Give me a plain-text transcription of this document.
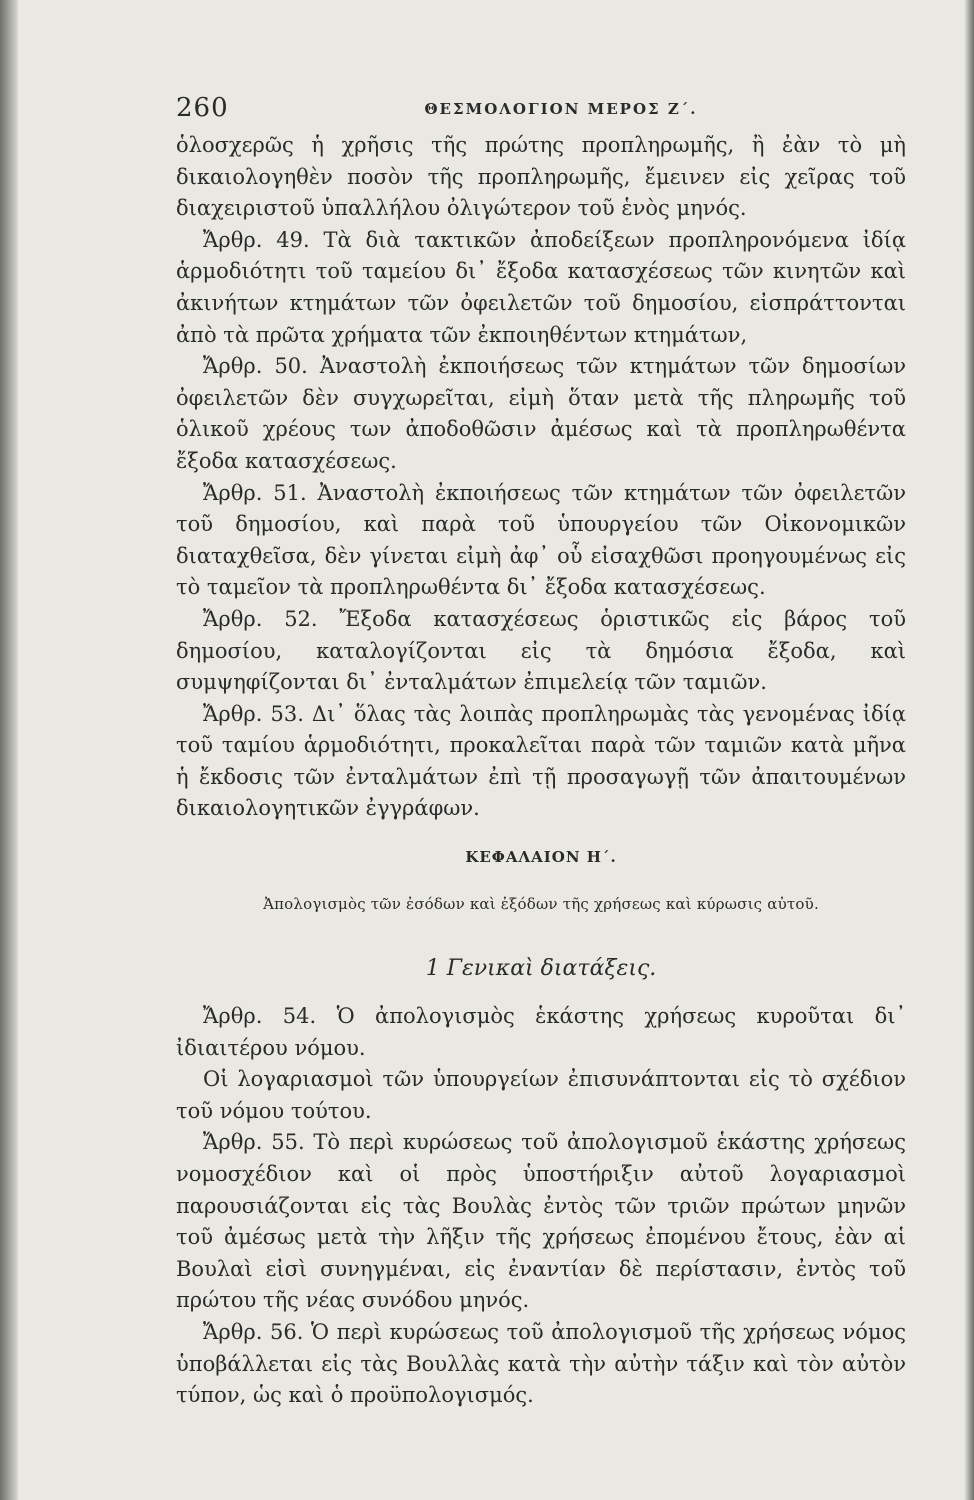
260	ΘΕΣΜΟΛΟΓΙΟΝ ΜΕΡΟΣ Ζ΄.

ὁλοσχερῶς ἡ χρῆσις τῆς πρώτης προπληρωμῆς, ἢ ἐὰν τὸ μὴ δικαιολογηθὲν ποσὸν τῆς προπληρωμῆς, ἔμεινεν εἰς χεῖρας τοῦ διαχειριστοῦ ὑπαλλήλου ὀλιγώτερον τοῦ ἑνὸς μηνός.

Ἄρθρ. 49. Τὰ διὰ τακτικῶν ἀποδείξεων προπληρονόμενα ἰδίᾳ ἁρμοδιότητι τοῦ ταμείου δι᾽ ἔξοδα κατασχέσεως τῶν κινητῶν καὶ ἀκινήτων κτημάτων τῶν ὀφειλετῶν τοῦ δημοσίου, εἰσπράττονται ἀπὸ τὰ πρῶτα χρήματα τῶν ἐκποιηθέντων κτημάτων,

Ἄρθρ. 50. Ἀναστολὴ ἐκποιήσεως τῶν κτημάτων τῶν δημοσίων ὀφειλετῶν δὲν συγχωρεῖται, εἰμὴ ὅταν μετὰ τῆς πληρωμῆς τοῦ ὁλικοῦ χρέους των ἀποδοθῶσιν ἀμέσως καὶ τὰ προπληρωθέντα ἔξοδα κατασχέσεως.

Ἄρθρ. 51. Ἀναστολὴ ἐκποιήσεως τῶν κτημάτων τῶν ὀφειλετῶν τοῦ δημοσίου, καὶ παρὰ τοῦ ὑπουργείου τῶν Οἰκονομικῶν διαταχθεῖσα, δὲν γίνεται εἰμὴ ἀφ᾽ οὗ εἰσαχθῶσι προηγουμένως εἰς τὸ ταμεῖον τὰ προπληρωθέντα δι᾽ ἔξοδα κατασχέσεως.

Ἄρθρ. 52. Ἔξοδα κατασχέσεως ὁριστικῶς εἰς βάρος τοῦ δημοσίου, καταλογίζονται εἰς τὰ δημόσια ἔξοδα, καὶ συμψηφίζονται δι᾽ ἐνταλμάτων ἐπιμελείᾳ τῶν ταμιῶν.

Ἄρθρ. 53. Δι᾽ ὅλας τὰς λοιπὰς προπληρωμὰς τὰς γενομένας ἰδίᾳ τοῦ ταμίου ἁρμοδιότητι, προκαλεῖται παρὰ τῶν ταμιῶν κατὰ μῆνα ἡ ἔκδοσις τῶν ἐνταλμάτων ἐπὶ τῇ προσαγωγῇ τῶν ἀπαιτουμένων δικαιολογητικῶν ἐγγράφων.

ΚΕΦΑΛΑΙΟΝ Η΄.
Ἀπολογισμὸς τῶν ἐσόδων καὶ ἐξόδων τῆς χρήσεως καὶ κύρωσις αὐτοῦ.
1 Γενικαὶ διατάξεις.

Ἄρθρ. 54. Ὁ ἀπολογισμὸς ἑκάστης χρήσεως κυροῦται δι᾽ ἰδιαιτέρου νόμου.

Οἱ λογαριασμοὶ τῶν ὑπουργείων ἐπισυνάπτονται εἰς τὸ σχέδιον τοῦ νόμου τούτου.

Ἄρθρ. 55. Τὸ περὶ κυρώσεως τοῦ ἀπολογισμοῦ ἑκάστης χρήσεως νομοσχέδιον καὶ οἱ πρὸς ὑποστήριξιν αὐτοῦ λογαριασμοὶ παρουσιάζονται εἰς τὰς Βουλὰς ἐντὸς τῶν τριῶν πρώτων μηνῶν τοῦ ἀμέσως μετὰ τὴν λῆξιν τῆς χρήσεως ἐπομένου ἔτους, ἐὰν αἱ Βουλαὶ εἰσὶ συνηγμέναι, εἰς ἐναντίαν δὲ περίστασιν, ἐντὸς τοῦ πρώτου τῆς νέας συνόδου μηνός.

Ἄρθρ. 56. Ὁ περὶ κυρώσεως τοῦ ἀπολογισμοῦ τῆς χρήσεως νόμος ὑποβάλλεται εἰς τὰς Βουλλὰς κατὰ τὴν αὐτὴν τάξιν καὶ τὸν αὐτὸν τύπον, ὡς καὶ ὁ προϋπολογισμός.
